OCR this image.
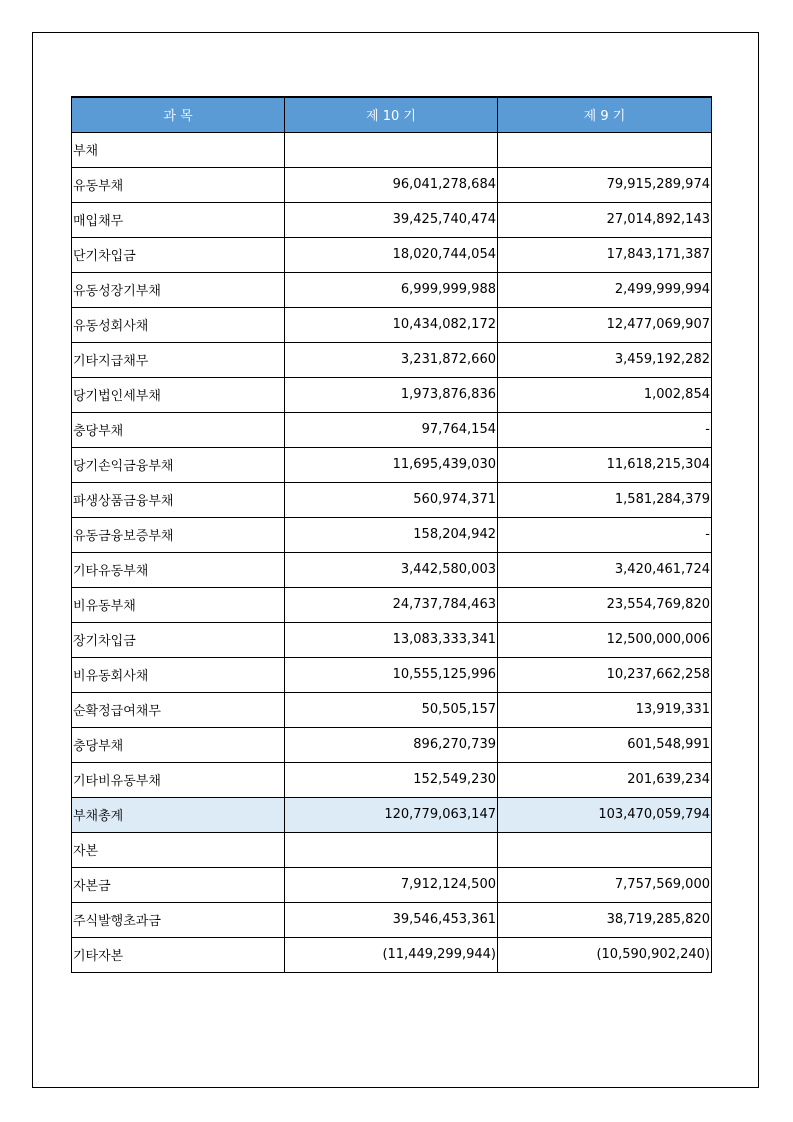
과 목	제 10 기	제 9 기
부채		
유동부채	96,041,278,684	79,915,289,974
매입채무	39,425,740,474	27,014,892,143
단기차입금	18,020,744,054	17,843,171,387
유동성장기부채	6,999,999,988	2,499,999,994
유동성회사채	10,434,082,172	12,477,069,907
기타지급채무	3,231,872,660	3,459,192,282
당기법인세부채	1,973,876,836	1,002,854
충당부채	97,764,154	-
당기손익금융부채	11,695,439,030	11,618,215,304
파생상품금융부채	560,974,371	1,581,284,379
유동금융보증부채	158,204,942	-
기타유동부채	3,442,580,003	3,420,461,724
비유동부채	24,737,784,463	23,554,769,820
장기차입금	13,083,333,341	12,500,000,006
비유동회사채	10,555,125,996	10,237,662,258
순확정급여채무	50,505,157	13,919,331
충당부채	896,270,739	601,548,991
기타비유동부채	152,549,230	201,639,234
부채총계	120,779,063,147	103,470,059,794
자본		
자본금	7,912,124,500	7,757,569,000
주식발행초과금	39,546,453,361	38,719,285,820
기타자본	(11,449,299,944)	(10,590,902,240)
